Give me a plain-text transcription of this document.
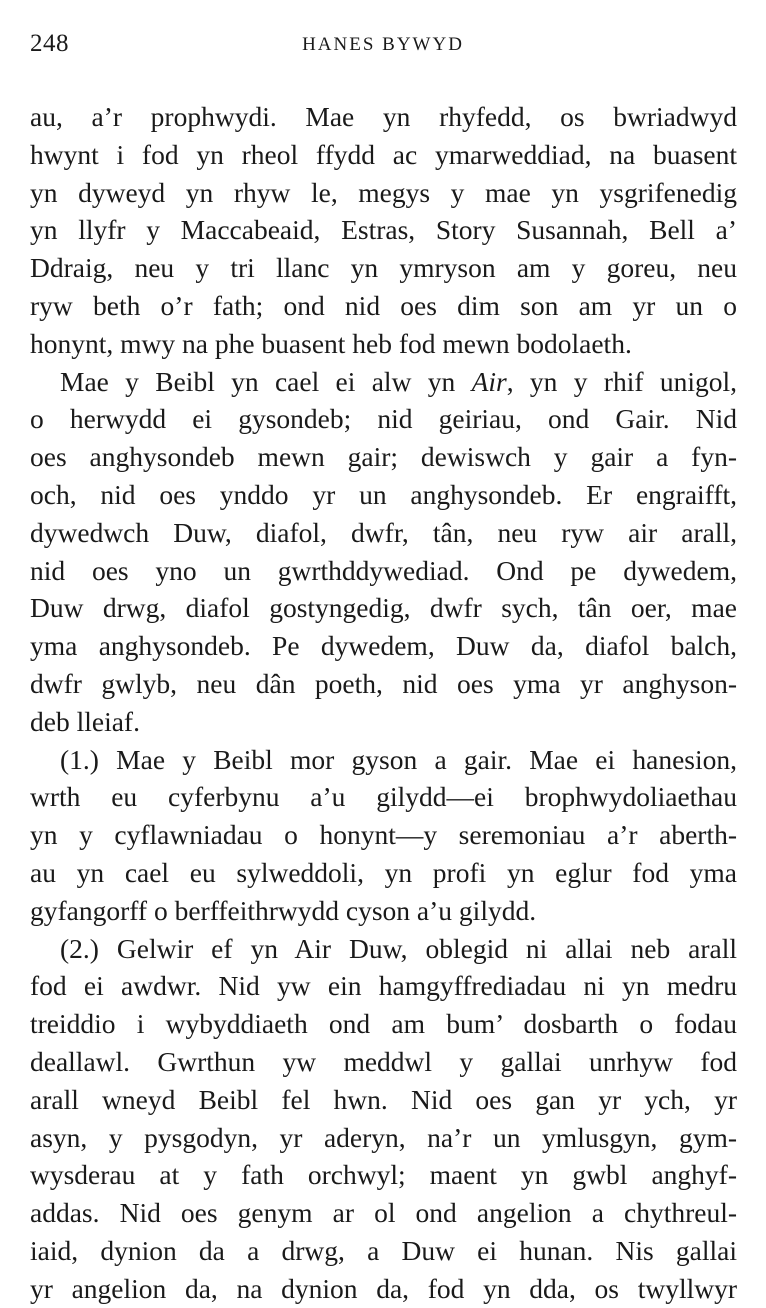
248	HANES BYWYD
au, a’r prophwydi. Mae yn rhyfedd, os bwriadwyd
hwynt i fod yn rheol ffydd ac ymarweddiad, na buasent
yn dyweyd yn rhyw le, megys y mae yn ysgrifenedig
yn llyfr y Maccabeaid, Estras, Story Susannah, Bell a’
Ddraig, neu y tri llanc yn ymryson am y goreu, neu
ryw beth o’r fath; ond nid oes dim son am yr un o
honynt, mwy na phe buasent heb fod mewn bodolaeth.
Mae y Beibl yn cael ei alw yn Air, yn y rhif unigol,
o herwydd ei gysondeb; nid geiriau, ond Gair. Nid
oes anghysondeb mewn gair; dewiswch y gair a fyn-
och, nid oes ynddo yr un anghysondeb. Er engraifft,
dywedwch Duw, diafol, dwfr, tân, neu ryw air arall,
nid oes yno un gwrthddywediad. Ond pe dywedem,
Duw drwg, diafol gostyngedig, dwfr sych, tân oer, mae
yma anghysondeb. Pe dywedem, Duw da, diafol balch,
dwfr gwlyb, neu dân poeth, nid oes yma yr anghyson-
deb lleiaf.
(1.) Mae y Beibl mor gyson a gair. Mae ei hanesion,
wrth eu cyferbynu a’u gilydd—ei brophwydoliaethau
yn y cyflawniadau o honynt—y seremoniau a’r aberth-
au yn cael eu sylweddoli, yn profi yn eglur fod yma
gyfangorff o berffeithrwydd cyson a’u gilydd.
(2.) Gelwir ef yn Air Duw, oblegid ni allai neb arall
fod ei awdwr. Nid yw ein hamgyffrediadau ni yn medru
treiddio i wybyddiaeth ond am bum’ dosbarth o fodau
deallawl. Gwrthun yw meddwl y gallai unrhyw fod
arall wneyd Beibl fel hwn. Nid oes gan yr ych, yr
asyn, y pysgodyn, yr aderyn, na’r un ymlusgyn, gym-
wysderau at y fath orchwyl; maent yn gwbl anghyf-
addas. Nid oes genym ar ol ond angelion a chythreul-
iaid, dynion da a drwg, a Duw ei hunan. Nis gallai
yr angelion da, na dynion da, fod yn dda, os twyllwyr
